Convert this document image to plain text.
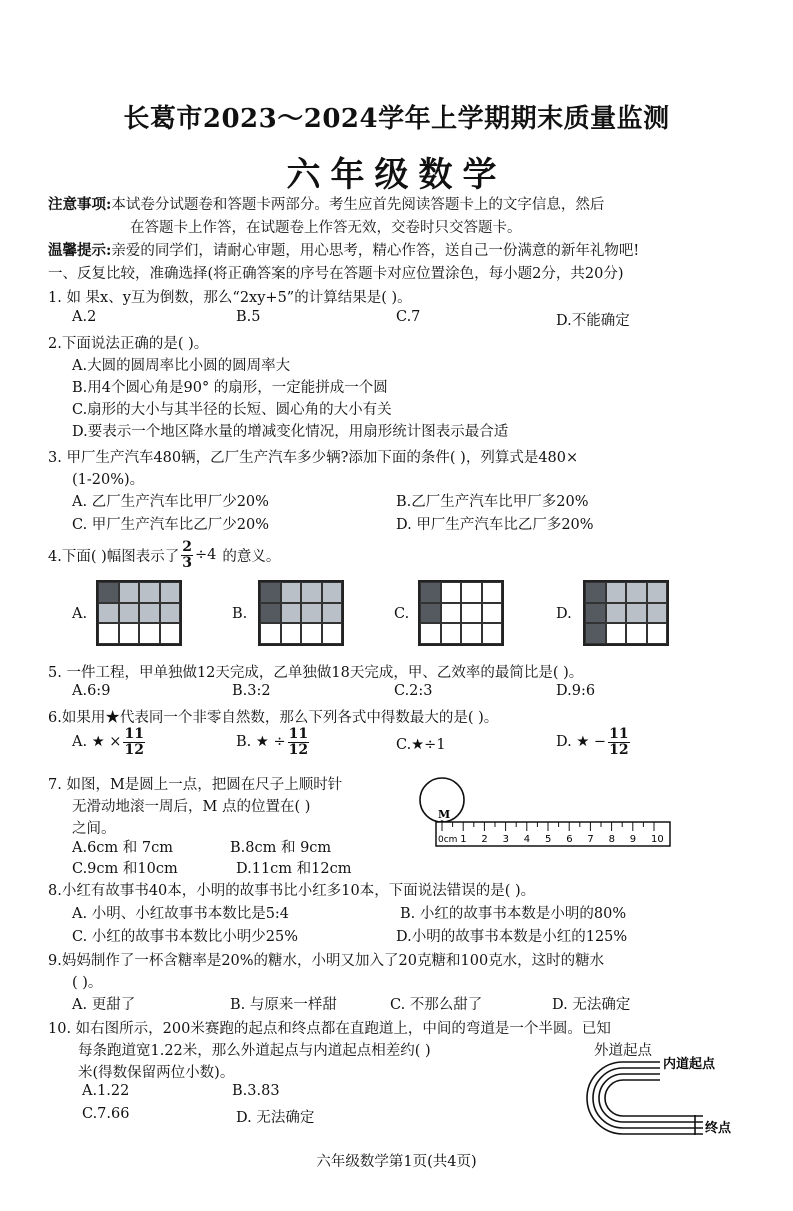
长葛市2023～2024学年上学期期末质量监测
六年级数学
注意事项:本试卷分试题卷和答题卡两部分。考生应首先阅读答题卡上的文字信息，然后
在答题卡上作答，在试题卷上作答无效，交卷时只交答题卡。
温馨提示:亲爱的同学们，请耐心审题，用心思考，精心作答，送自己一份满意的新年礼物吧!
一、反复比较，准确选择(将正确答案的序号在答题卡对应位置涂色，每小题2分，共20分)
1. 如 果x、y互为倒数，那么“2xy+5”的计算结果是( )。
A.2	B.5	C.7	D.不能确定
2.下面说法正确的是( )。
A.大圆的圆周率比小圆的圆周率大
B.用4个圆心角是90° 的扇形，一定能拼成一个圆
C.扇形的大小与其半径的长短、圆心角的大小有关
D.要表示一个地区降水量的增减变化情况，用扇形统计图表示最合适
3. 甲厂生产汽车480辆，乙厂生产汽车多少辆?添加下面的条件( )，列算式是480×
(1-20%)。
A. 乙厂生产汽车比甲厂少20%	B.乙厂生产汽车比甲厂多20%
C. 甲厂生产汽车比乙厂少20%	D. 甲厂生产汽车比乙厂多20%
4.下面( )幅图表示了 $\frac{2}{3} \div 4$ 的意义。
A.	B.	C.	D.
5. 一件工程，甲单独做12天完成，乙单独做18天完成，甲、乙效率的最简比是( )。
A.6:9	B.3:2	C.2:3	D.9:6
6.如果用★代表同一个非零自然数，那么下列各式中得数最大的是( )。
A. ★ × $\frac{11}{12}$	B. ★ ÷ $\frac{11}{12}$	C.★÷1	D. ★ − $\frac{11}{12}$
7. 如图，M是圆上一点，把圆在尺子上顺时针
无滑动地滚一周后，M 点的位置在( )
之间。
A.6cm 和 7cm	B.8cm 和 9cm
C.9cm 和10cm	D.11cm 和12cm
M
0cm 1 2 3 4 5 6 7 8 9 10
8.小红有故事书40本，小明的故事书比小红多10本，下面说法错误的是( )。
A. 小明、小红故事书本数比是5:4	B. 小红的故事书本数是小明的80%
C. 小红的故事书本数比小明少25%	D.小明的故事书本数是小红的125%
9.妈妈制作了一杯含糖率是20%的糖水，小明又加入了20克糖和100克水，这时的糖水
( )。
A. 更甜了	B. 与原来一样甜	C. 不那么甜了	D. 无法确定
10. 如右图所示，200米赛跑的起点和终点都在直跑道上，中间的弯道是一个半圆。已知
每条跑道宽1.22米，那么外道起点与内道起点相差约( )	外道起点
米(得数保留两位小数)。
A.1.22	B.3.83
C.7.66	D. 无法确定
内道起点
终点
六年级数学第1页(共4页)
